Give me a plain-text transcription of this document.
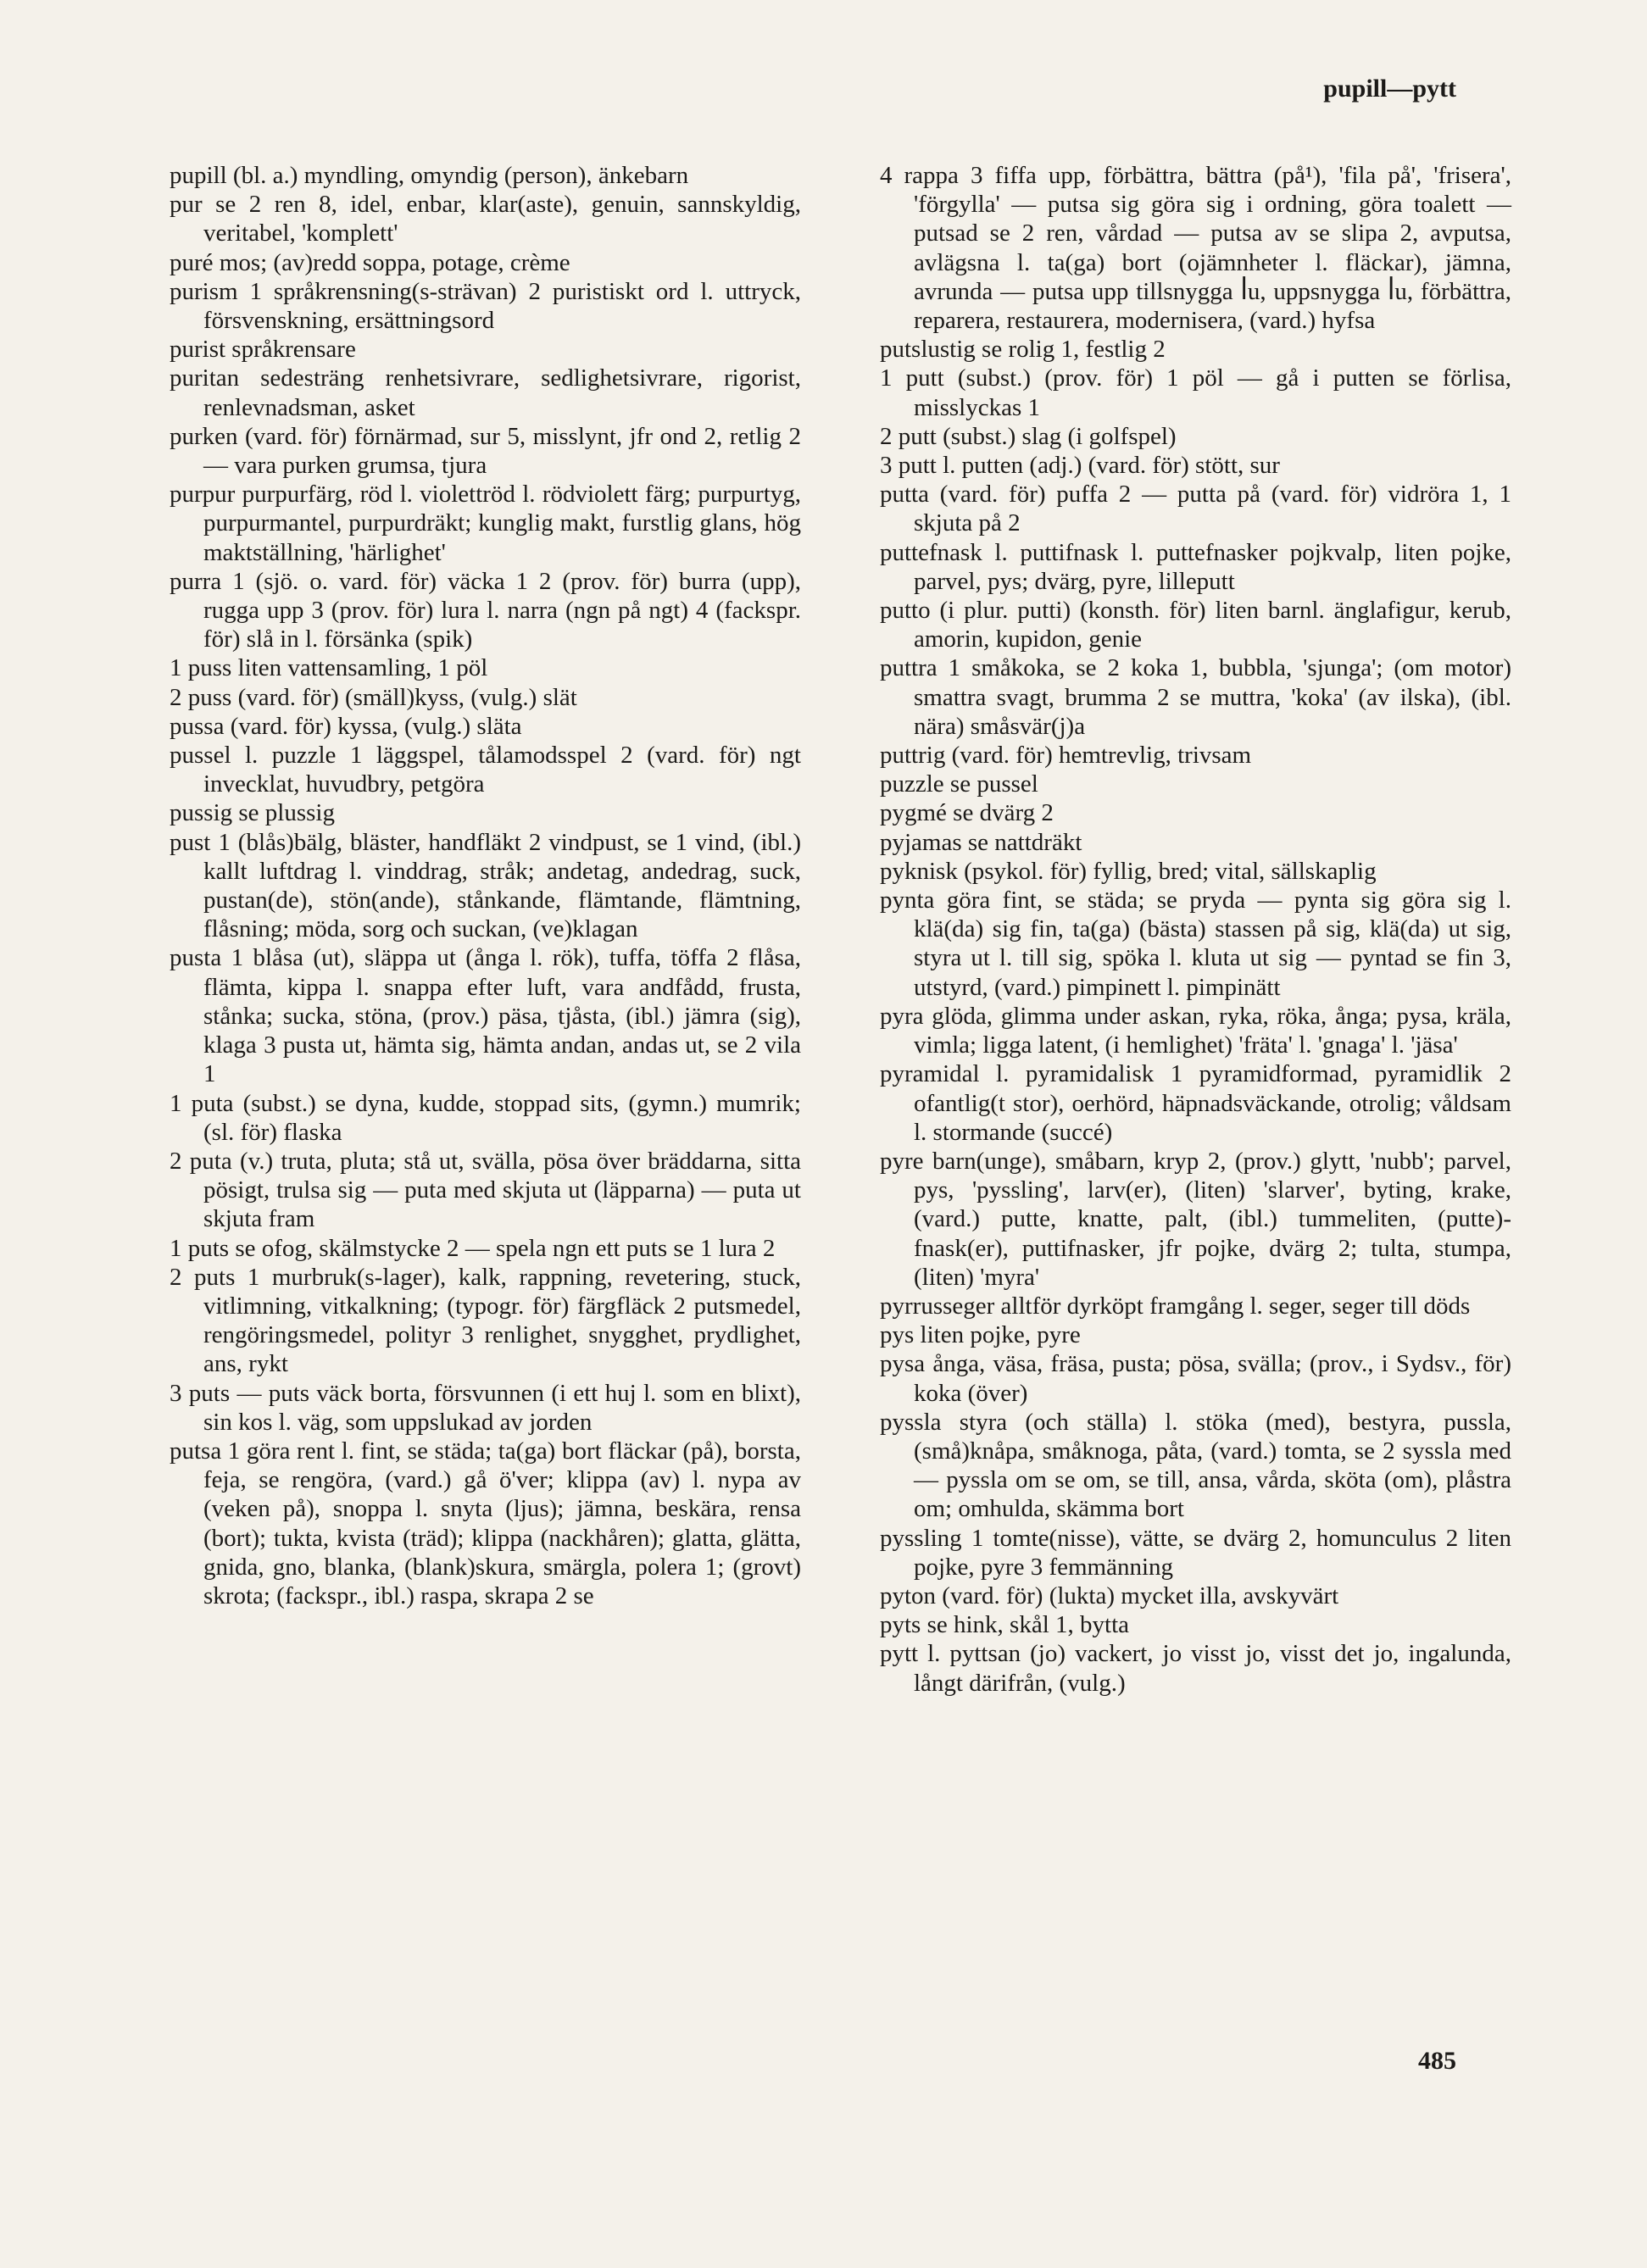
pupill—pytt
pupill (bl. a.) myndling, omyndig (person), änkebarn
pur se 2 ren 8, idel, enbar, klar(aste), genuin, sannskyldig, veritabel, 'komplett'
puré mos; (av)redd soppa, potage, crème
purism 1 språkrensning(s-strävan) 2 puristiskt ord l. uttryck, försvenskning, ersättningsord
purist språkrensare
puritan sedesträng renhetsivrare, sedlighetsivrare, rigorist, renlevnadsman, asket
purken (vard. för) förnärmad, sur 5, misslynt, jfr ond 2, retlig 2 — vara purken grumsa, tjura
purpur purpurfärg, röd l. violettröd l. rödviolett färg; purpurtyg, purpurmantel, purpurdräkt; kunglig makt, furstlig glans, hög maktställning, 'härlighet'
purra 1 (sjö. o. vard. för) väcka 1 2 (prov. för) burra (upp), rugga upp 3 (prov. för) lura l. narra (ngn på ngt) 4 (fackspr. för) slå in l. försänka (spik)
1 puss liten vattensamling, 1 pöl
2 puss (vard. för) (smäll)kyss, (vulg.) slät
pussa (vard. för) kyssa, (vulg.) släta
pussel l. puzzle 1 läggspel, tålamodsspel 2 (vard. för) ngt invecklat, huvudbry, petgöra
pussig se plussig
pust 1 (blås)bälg, bläster, handfläkt 2 vindpust, se 1 vind, (ibl.) kallt luftdrag l. vinddrag, stråk; andetag, andedrag, suck, pustan(de), stön(ande), stånkande, flämtande, flämtning, flåsning; möda, sorg och suckan, (ve)klagan
pusta 1 blåsa (ut), släppa ut (ånga l. rök), tuffa, töffa 2 flåsa, flämta, kippa l. snappa efter luft, vara andfådd, frusta, stånka; sucka, stöna, (prov.) päsa, tjåsta, (ibl.) jämra (sig), klaga 3 pusta ut, hämta sig, hämta andan, andas ut, se 2 vila 1
1 puta (subst.) se dyna, kudde, stoppad sits, (gymn.) mumrik; (sl. för) flaska
2 puta (v.) truta, pluta; stå ut, svälla, pösa över bräddarna, sitta pösigt, trulsa sig — puta med skjuta ut (läpparna) — puta ut skjuta fram
1 puts se ofog, skälmstycke 2 — spela ngn ett puts se 1 lura 2
2 puts 1 murbruk(s-lager), kalk, rappning, revetering, stuck, vitlimning, vitkalkning; (typogr. för) färgfläck 2 putsmedel, rengöringsmedel, polityr 3 renlighet, snygghet, prydlighet, ans, rykt
3 puts — puts väck borta, försvunnen (i ett huj l. som en blixt), sin kos l. väg, som uppslukad av jorden
putsa 1 göra rent l. fint, se städa; ta(ga) bort fläckar (på), borsta, feja, se rengöra, (vard.) gå ö'ver; klippa (av) l. nypa av (veken på), snoppa l. snyta (ljus); jämna, beskära, rensa (bort); tukta, kvista (träd); klippa (nackhåren); glatta, glätta, gnida, gno, blanka, (blank)skura, smärgla, polera 1; (grovt) skrota; (fackspr., ibl.) raspa, skrapa 2 se
4 rappa 3 fiffa upp, förbättra, bättra (på¹), 'fila på', 'frisera', 'förgylla' — putsa sig göra sig i ordning, göra toalett — putsad se 2 ren, vårdad — putsa av se slipa 2, avputsa, avlägsna l. ta(ga) bort (ojämnheter l. fläckar), jämna, avrunda — putsa upp tillsnygga ꟾu, uppsnygga ꟾu, förbättra, reparera, restaurera, modernisera, (vard.) hyfsa
putslustig se rolig 1, festlig 2
1 putt (subst.) (prov. för) 1 pöl — gå i putten se förlisa, misslyckas 1
2 putt (subst.) slag (i golfspel)
3 putt l. putten (adj.) (vard. för) stött, sur
putta (vard. för) puffa 2 — putta på (vard. för) vidröra 1, 1 skjuta på 2
puttefnask l. puttifnask l. puttefnasker pojkvalp, liten pojke, parvel, pys; dvärg, pyre, lilleputt
putto (i plur. putti) (konsth. för) liten barnl. änglafigur, kerub, amorin, kupidon, genie
puttra 1 småkoka, se 2 koka 1, bubbla, 'sjunga'; (om motor) smattra svagt, brumma 2 se muttra, 'koka' (av ilska), (ibl. nära) småsvär(j)a
puttrig (vard. för) hemtrevlig, trivsam
puzzle se pussel
pygmé se dvärg 2
pyjamas se nattdräkt
pyknisk (psykol. för) fyllig, bred; vital, sällskaplig
pynta göra fint, se städa; se pryda — pynta sig göra sig l. klä(da) sig fin, ta(ga) (bästa) stassen på sig, klä(da) ut sig, styra ut l. till sig, spöka l. kluta ut sig — pyntad se fin 3, utstyrd, (vard.) pimpinett l. pimpinätt
pyra glöda, glimma under askan, ryka, röka, ånga; pysa, kräla, vimla; ligga latent, (i hemlighet) 'fräta' l. 'gnaga' l. 'jäsa'
pyramidal l. pyramidalisk 1 pyramidformad, pyramidlik 2 ofantlig(t stor), oerhörd, häpnadsväckande, otrolig; våldsam l. stormande (succé)
pyre barn(unge), småbarn, kryp 2, (prov.) glytt, 'nubb'; parvel, pys, 'pyssling', larv(er), (liten) 'slarver', byting, krake, (vard.) putte, knatte, palt, (ibl.) tummeliten, (putte)-fnask(er), puttifnasker, jfr pojke, dvärg 2; tulta, stumpa, (liten) 'myra'
pyrrusseger alltför dyrköpt framgång l. seger, seger till döds
pys liten pojke, pyre
pysa ånga, väsa, fräsa, pusta; pösa, svälla; (prov., i Sydsv., för) koka (över)
pyssla styra (och ställa) l. stöka (med), bestyra, pussla, (små)knåpa, småknoga, påta, (vard.) tomta, se 2 syssla med — pyssla om se om, se till, ansa, vårda, sköta (om), plåstra om; omhulda, skämma bort
pyssling 1 tomte(nisse), vätte, se dvärg 2, homunculus 2 liten pojke, pyre 3 femmänning
pyton (vard. för) (lukta) mycket illa, avskyvärt
pyts se hink, skål 1, bytta
pytt l. pyttsan (jo) vackert, jo visst jo, visst det jo, ingalunda, långt därifrån, (vulg.)
485
